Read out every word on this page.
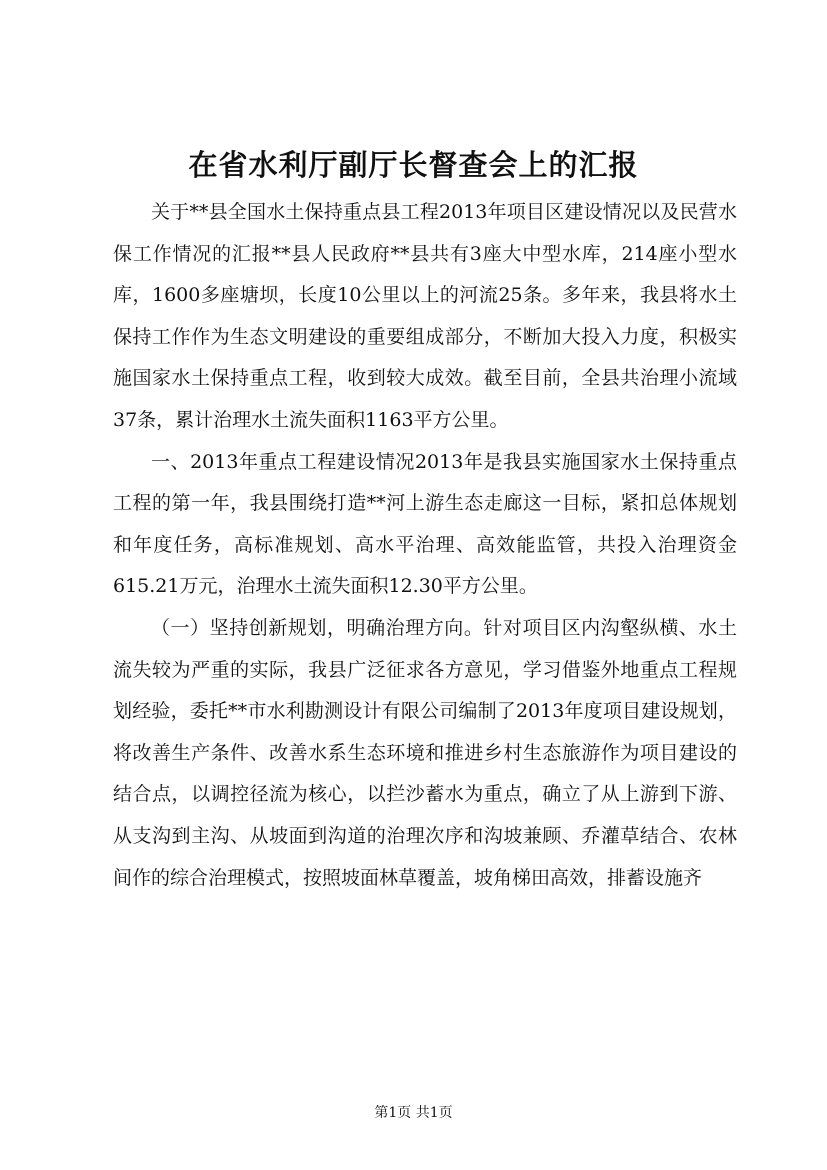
在省水利厅副厅长督查会上的汇报

关于**县全国水土保持重点县工程2013年项目区建设情况以及民营水保工作情况的汇报**县人民政府**县共有3座大中型水库，214座小型水库，1600多座塘坝，长度10公里以上的河流25条。多年来，我县将水土保持工作作为生态文明建设的重要组成部分，不断加大投入力度，积极实施国家水土保持重点工程，收到较大成效。截至目前，全县共治理小流域37条，累计治理水土流失面积1163平方公里。

一、2013年重点工程建设情况2013年是我县实施国家水土保持重点工程的第一年，我县围绕打造**河上游生态走廊这一目标，紧扣总体规划和年度任务，高标准规划、高水平治理、高效能监管，共投入治理资金615.21万元，治理水土流失面积12.30平方公里。

（一）坚持创新规划，明确治理方向。针对项目区内沟壑纵横、水土流失较为严重的实际，我县广泛征求各方意见，学习借鉴外地重点工程规划经验，委托**市水利勘测设计有限公司编制了2013年度项目建设规划，将改善生产条件、改善水系生态环境和推进乡村生态旅游作为项目建设的结合点，以调控径流为核心，以拦沙蓄水为重点，确立了从上游到下游、从支沟到主沟、从坡面到沟道的治理次序和沟坡兼顾、乔灌草结合、农林间作的综合治理模式，按照坡面林草覆盖，坡角梯田高效，排蓄设施齐

第1页 共1页
